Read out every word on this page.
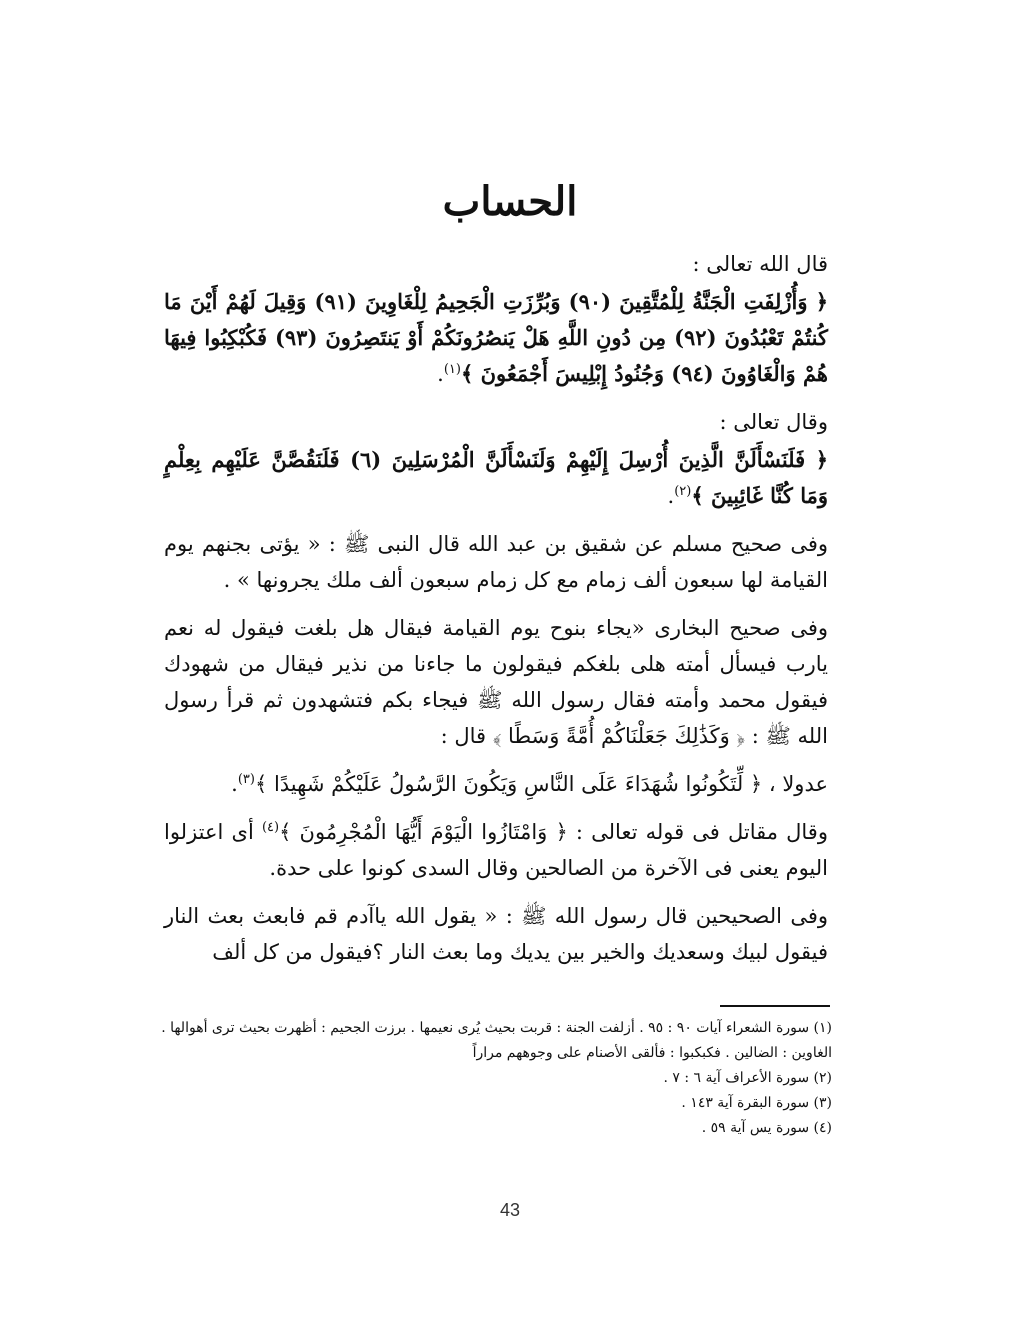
الحساب

قال الله تعالى :

﴿ وَأُزْلِفَتِ الْجَنَّةُ لِلْمُتَّقِينَ (٩٠) وَبُرِّزَتِ الْجَحِيمُ لِلْغَاوِينَ (٩١) وَقِيلَ لَهُمْ أَيْنَ مَا كُنتُمْ تَعْبُدُونَ (٩٢) مِن دُونِ اللَّهِ هَلْ يَنصُرُونَكُمْ أَوْ يَنتَصِرُونَ (٩٣) فَكُبْكِبُوا فِيهَا هُمْ وَالْغَاوُونَ (٩٤) وَجُنُودُ إِبْلِيسَ أَجْمَعُونَ ﴾$^{(١)}$.

وقال تعالى :

﴿ فَلَنَسْأَلَنَّ الَّذِينَ أُرْسِلَ إِلَيْهِمْ وَلَنَسْأَلَنَّ الْمُرْسَلِينَ (٦) فَلَنَقُصَّنَّ عَلَيْهِم بِعِلْمٍ وَمَا كُنَّا غَائِبِينَ ﴾$^{(٢)}$.

وفى صحيح مسلم عن شقيق بن عبد الله قال النبى ﷺ : « يؤتى بجنهم يوم القيامة لها سبعون ألف زمام مع كل زمام سبعون ألف ملك يجرونها » .

وفى صحيح البخارى «يجاء بنوح يوم القيامة فيقال هل بلغت فيقول له نعم يارب فيسأل أمته هلى بلغكم فيقولون ما جاءنا من نذير فيقال من شهودك فيقول محمد وأمته فقال رسول الله ﷺ فيجاء بكم فتشهدون ثم قرأ رسول الله ﷺ : ﴿ وَكَذَٰلِكَ جَعَلْنَاكُمْ أُمَّةً وَسَطًا ﴾ قال :

عدولا ، ﴿ لِّتَكُونُوا شُهَدَاءَ عَلَى النَّاسِ وَيَكُونَ الرَّسُولُ عَلَيْكُمْ شَهِيدًا ﴾$^{(٣)}$.

وقال مقاتل فى قوله تعالى : ﴿ وَامْتَازُوا الْيَوْمَ أَيُّهَا الْمُجْرِمُونَ ﴾$^{(٤)}$ أى اعتزلوا اليوم يعنى فى الآخرة من الصالحين وقال السدى كونوا على حدة.

وفى الصحيحين قال رسول الله ﷺ : « يقول الله ياآدم قم فابعث بعث النار فيقول لبيك وسعديك والخير بين يديك وما بعث النار ؟فيقول من كل ألف

(١) سورة الشعراء آيات ٩٠ : ٩٥ . أزلفت الجنة : قربت بحيث يُرى نعيمها . برزت الجحيم : أظهرت بحيث ترى أهوالها . الغاوين : الضالين . فكبكبوا : فألقى الأصنام على وجوههم مراراً

(٢) سورة الأعراف آية ٦ : ٧ .

(٣) سورة البقرة آية ١٤٣ .

(٤) سورة يس آية ٥٩ .

43
